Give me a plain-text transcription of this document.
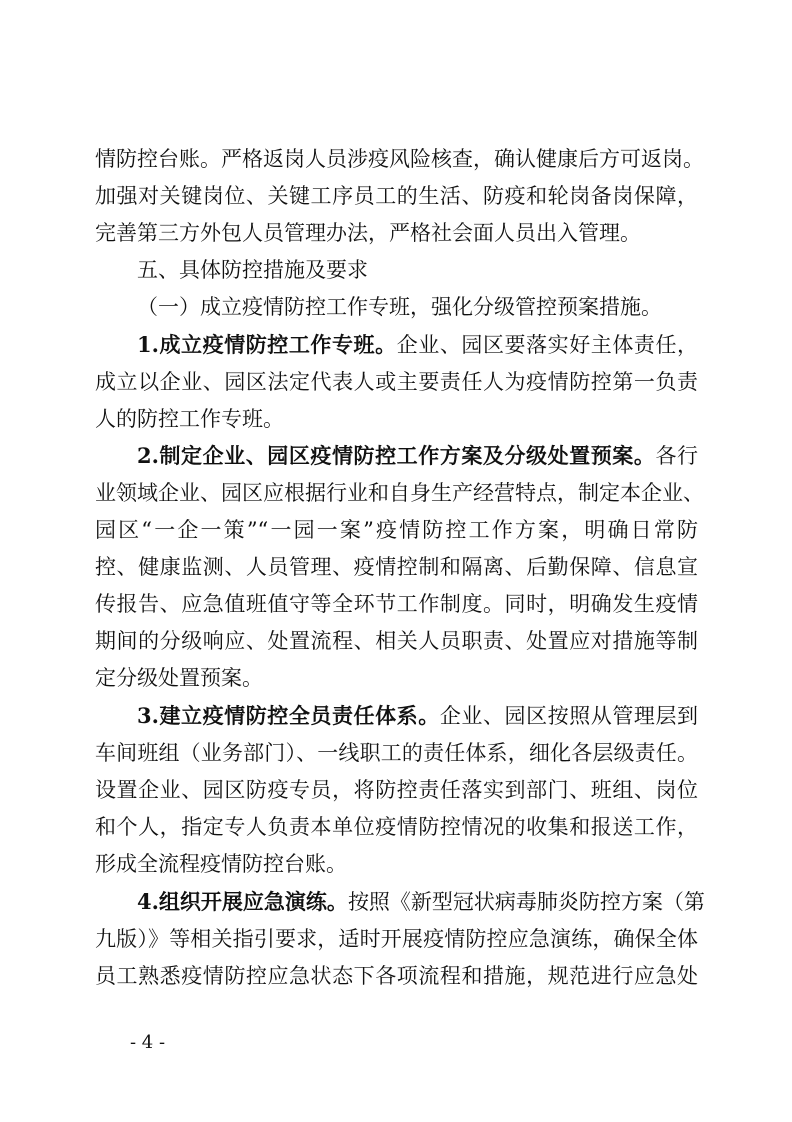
情防控台账。严格返岗人员涉疫风险核查，确认健康后方可返岗。
加强对关键岗位、关键工序员工的生活、防疫和轮岗备岗保障，
完善第三方外包人员管理办法，严格社会面人员出入管理。
五、具体防控措施及要求
（一）成立疫情防控工作专班，强化分级管控预案措施。
1.成立疫情防控工作专班。企业、园区要落实好主体责任，
成立以企业、园区法定代表人或主要责任人为疫情防控第一负责
人的防控工作专班。
2.制定企业、园区疫情防控工作方案及分级处置预案。各行
业领域企业、园区应根据行业和自身生产经营特点，制定本企业、
园区“一企一策”“一园一案”疫情防控工作方案，明确日常防
控、健康监测、人员管理、疫情控制和隔离、后勤保障、信息宣
传报告、应急值班值守等全环节工作制度。同时，明确发生疫情
期间的分级响应、处置流程、相关人员职责、处置应对措施等制
定分级处置预案。
3.建立疫情防控全员责任体系。企业、园区按照从管理层到
车间班组（业务部门）、一线职工的责任体系，细化各层级责任。
设置企业、园区防疫专员，将防控责任落实到部门、班组、岗位
和个人，指定专人负责本单位疫情防控情况的收集和报送工作，
形成全流程疫情防控台账。
4.组织开展应急演练。按照《新型冠状病毒肺炎防控方案（第
九版）》等相关指引要求，适时开展疫情防控应急演练，确保全体
员工熟悉疫情防控应急状态下各项流程和措施，规范进行应急处
- 4 -
